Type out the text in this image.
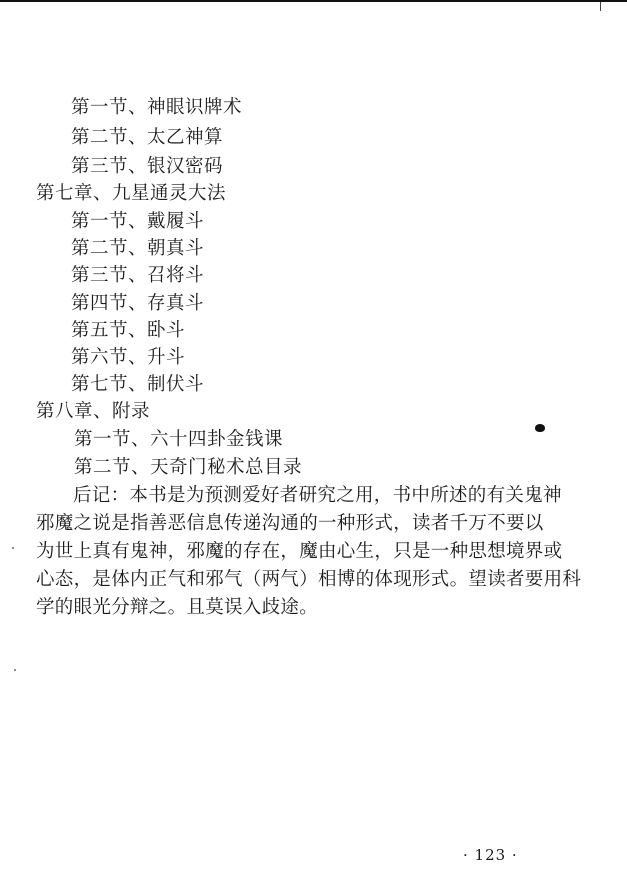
第一节、神眼识牌术
第二节、太乙神算
第三节、银汉密码
第七章、九星通灵大法
第一节、戴履斗
第二节、朝真斗
第三节、召将斗
第四节、存真斗
第五节、卧斗
第六节、升斗
第七节、制伏斗
第八章、附录
第一节、六十四卦金钱课
第二节、天奇门秘术总目录
后记：本书是为预测爱好者研究之用，书中所述的有关鬼神
邪魔之说是指善恶信息传递沟通的一种形式，读者千万不要以
为世上真有鬼神，邪魔的存在，魔由心生，只是一种思想境界或
心态，是体内正气和邪气（两气）相博的体现形式。望读者要用科
学的眼光分辩之。且莫误入歧途。
· 123 ·
